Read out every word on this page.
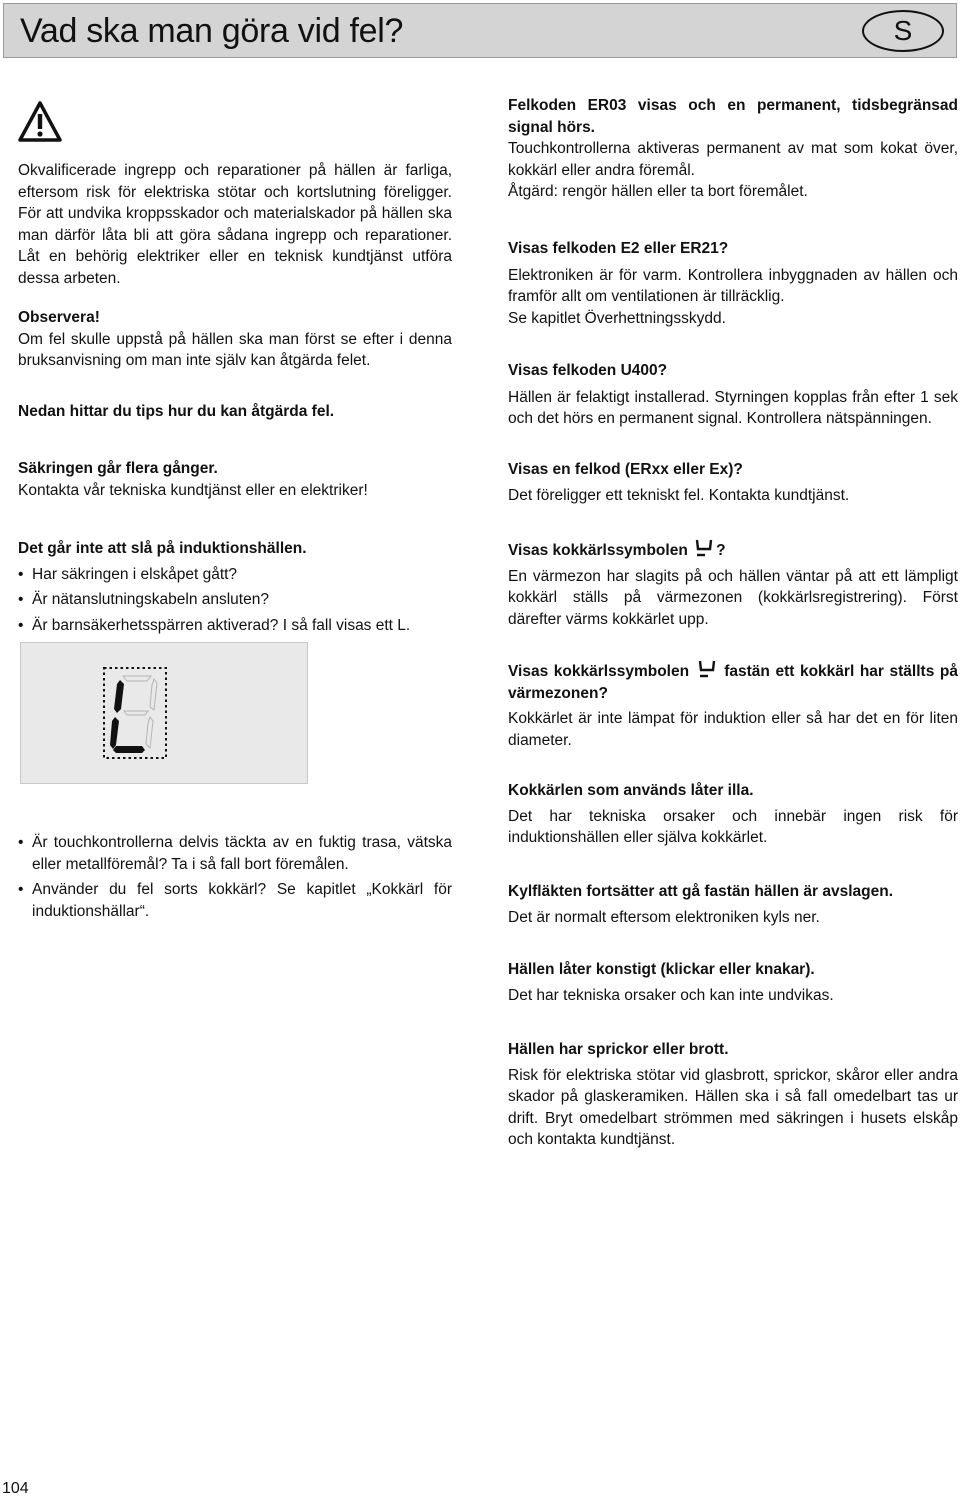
Vad ska man göra vid fel?	S

Okvalificerade ingrepp och reparationer på hällen är farliga, eftersom risk för elektriska stötar och kortslutning föreligger. För att undvika kroppsskador och materialskador på hällen ska man därför låta bli att göra sådana ingrepp och reparationer. Låt en behörig elektriker eller en teknisk kundtjänst utföra dessa arbeten.

Observera!

Om fel skulle uppstå på hällen ska man först se efter i denna bruksanvisning om man inte själv kan åtgärda felet.

Nedan hittar du tips hur du kan åtgärda fel.

Säkringen går flera gånger.

Kontakta vår tekniska kundtjänst eller en elektriker!

Det går inte att slå på induktionshällen.

• Har säkringen i elskåpet gått?
• Är nätanslutningskabeln ansluten?
• Är barnsäkerhetsspärren aktiverad? I så fall visas ett L.
• Är touchkontrollerna delvis täckta av en fuktig trasa, vätska eller metallföremål? Ta i så fall bort föremålen.
• Använder du fel sorts kokkärl? Se kapitlet „Kokkärl för induktionshällar“.

Felkoden ER03 visas och en permanent, tidsbegränsad signal hörs.

Touchkontrollerna aktiveras permanent av mat som kokat över, kokkärl eller andra föremål.

Åtgärd: rengör hällen eller ta bort föremålet.

Visas felkoden E2 eller ER21?

Elektroniken är för varm. Kontrollera inbyggnaden av hällen och framför allt om ventilationen är tillräcklig.

Se kapitlet Överhettningsskydd.

Visas felkoden U400?

Hällen är felaktigt installerad. Styrningen kopplas från efter 1 sek och det hörs en permanent signal. Kontrollera nätspänningen.

Visas en felkod (ERxx eller Ex)?

Det föreligger ett tekniskt fel. Kontakta kundtjänst.

Visas kokkärlssymbolen ?

En värmezon har slagits på och hällen väntar på att ett lämpligt kokkärl ställs på värmezonen (kokkärlsregistrering). Först därefter värms kokkärlet upp.

Visas kokkärlssymbolen  fastän ett kokkärl har ställts på värmezonen?

Kokkärlet är inte lämpat för induktion eller så har det en för liten diameter.

Kokkärlen som används låter illa.

Det har tekniska orsaker och innebär ingen risk för induktionshällen eller själva kokkärlet.

Kylfläkten fortsätter att gå fastän hällen är avslagen.

Det är normalt eftersom elektroniken kyls ner.

Hällen låter konstigt (klickar eller knakar).

Det har tekniska orsaker och kan inte undvikas.

Hällen har sprickor eller brott.

Risk för elektriska stötar vid glasbrott, sprickor, skåror eller andra skador på glaskeramiken. Hällen ska i så fall omedelbart tas ur drift. Bryt omedelbart strömmen med säkringen i husets elskåp och kontakta kundtjänst.

104
